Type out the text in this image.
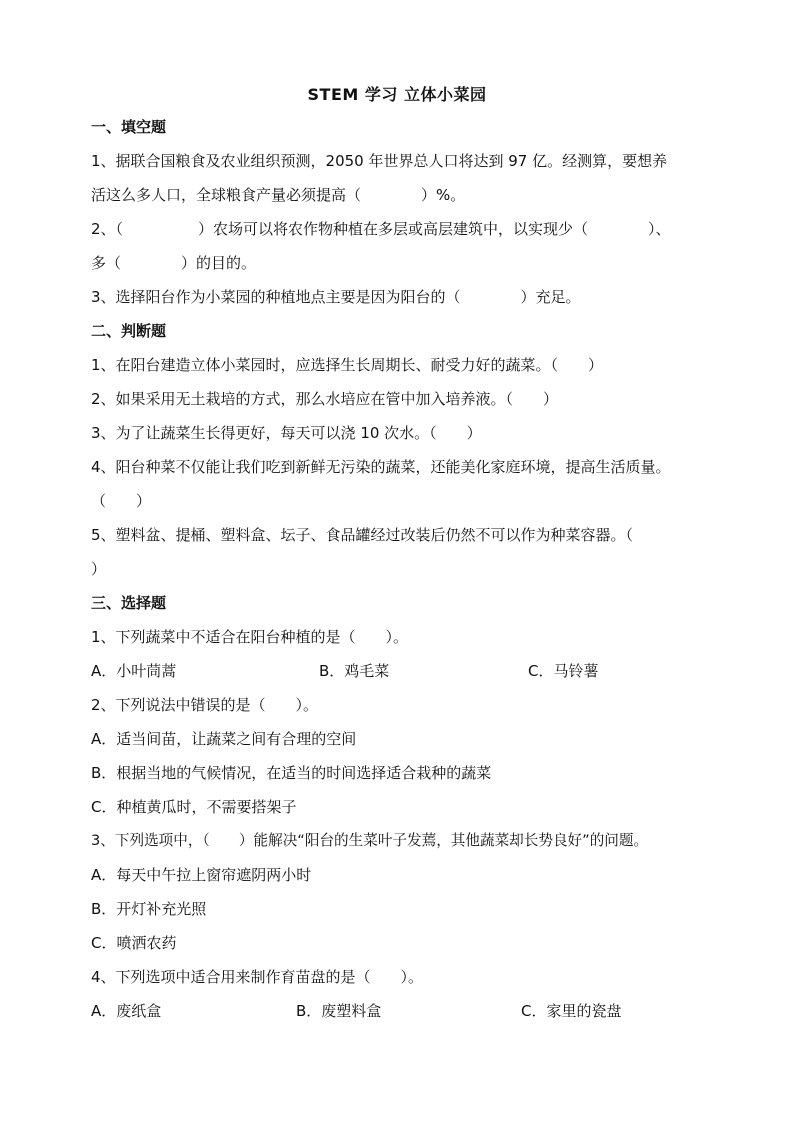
STEM 学习 立体小菜园

一、填空题

1、据联合国粮食及农业组织预测，2050 年世界总人口将达到 97 亿。经测算，要想养

活这么多人口，全球粮食产量必须提高（　　　　）%。

2、（　　　　　）农场可以将农作物种植在多层或高层建筑中，以实现少（　　　　）、

多（　　　　）的目的。

3、选择阳台作为小菜园的种植地点主要是因为阳台的（　　　　）充足。

二、判断题

1、在阳台建造立体小菜园时，应选择生长周期长、耐受力好的蔬菜。（　　）

2、如果采用无土栽培的方式，那么水培应在管中加入培养液。（　　）

3、为了让蔬菜生长得更好，每天可以浇 10 次水。（　　）

4、阳台种菜不仅能让我们吃到新鲜无污染的蔬菜，还能美化家庭环境，提高生活质量。

（　　）

5、塑料盆、提桶、塑料盒、坛子、食品罐经过改装后仍然不可以作为种菜容器。（

）

三、选择题

1、下列蔬菜中不适合在阳台种植的是（　　）。

A．小叶茼蒿	B．鸡毛菜	C．马铃薯

2、下列说法中错误的是（　　）。

A．适当间苗，让蔬菜之间有合理的空间

B．根据当地的气候情况，在适当的时间选择适合栽种的蔬菜

C．种植黄瓜时，不需要搭架子

3、下列选项中，（　　）能解决“阳台的生菜叶子发蔫，其他蔬菜却长势良好”的问题。

A．每天中午拉上窗帘遮阴两小时

B．开灯补充光照

C．喷洒农药

4、下列选项中适合用来制作育苗盘的是（　　）。

A．废纸盒	B．废塑料盒	C．家里的瓷盘
